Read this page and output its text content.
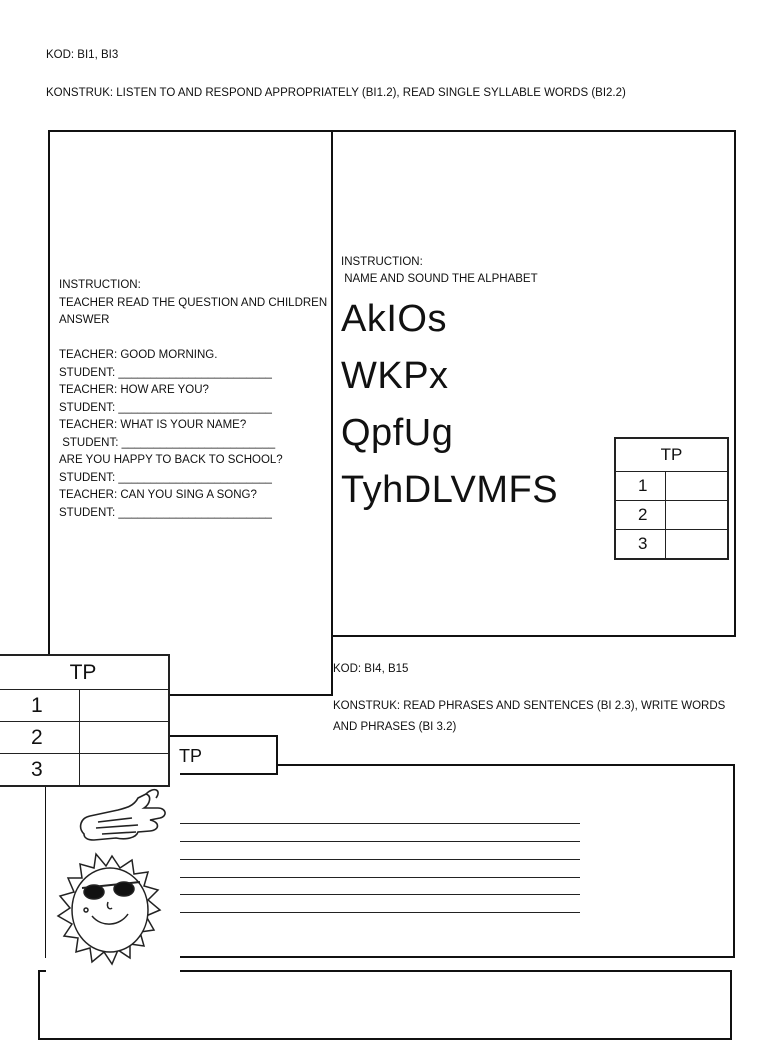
KOD: BI1, BI3
KONSTRUK: LISTEN TO AND RESPOND APPROPRIATELY (BI1.2), READ SINGLE SYLLABLE WORDS (BI2.2)
INSTRUCTION:
NAME AND SOUND THE ALPHABET
AkIOs
WKPx
QpfUg
TyhDLVMFS
TP	
1	
2	
3	
INSTRUCTION:
TEACHER READ THE QUESTION AND CHILDREN
ANSWER
TEACHER: GOOD MORNING.
STUDENT: ________________________
TEACHER: HOW ARE YOU?
STUDENT: ________________________
TEACHER: WHAT IS YOUR NAME?
STUDENT: ________________________
ARE YOU HAPPY TO BACK TO SCHOOL?
STUDENT: ________________________
TEACHER: CAN YOU SING A SONG?
STUDENT: ________________________
KOD: BI4, B15
KONSTRUK: READ PHRASES AND SENTENCES (BI 2.3), WRITE WORDS
AND PHRASES (BI 3.2)
TP
TP	
1	
2	
3	
